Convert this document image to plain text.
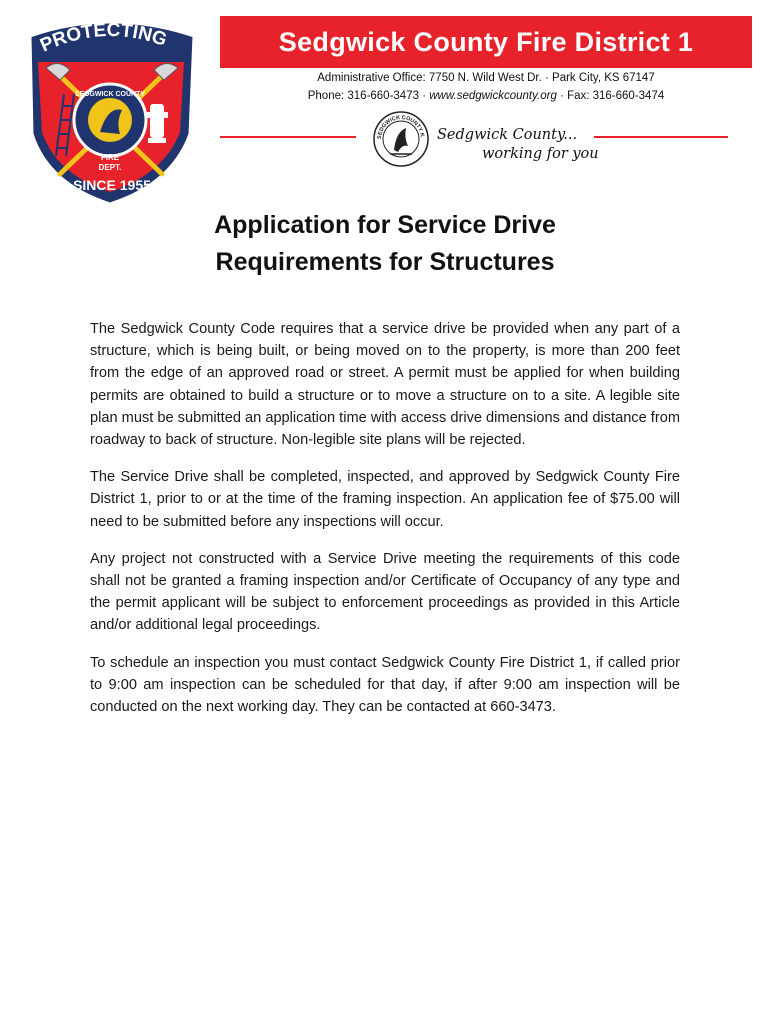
PROTECTING
SEDGWICK COUNTY
FIRE
DEPT.
SINCE 1955
Sedgwick County Fire District 1
Administrative Office: 7750 N. Wild West Dr. · Park City, KS 67147
Phone: 316-660-3473 · www.sedgwickcounty.org · Fax: 316-660-3474
SEDGWICK COUNTY K Sedgwick County...
working for you
Application for Service Drive
Requirements for Structures

The Sedgwick County Code requires that a service drive be provided when any part of a structure, which is being built, or being moved on to the property, is more than 200 feet from the edge of an approved road or street. A permit must be applied for when building permits are obtained to build a structure or to move a structure on to a site. A legible site plan must be submitted an application time with access drive dimensions and distance from roadway to back of structure. Non-legible site plans will be rejected.

The Service Drive shall be completed, inspected, and approved by Sedgwick County Fire District 1, prior to or at the time of the framing inspection. An application fee of $75.00 will need to be submitted before any inspections will occur.

Any project not constructed with a Service Drive meeting the requirements of this code shall not be granted a framing inspection and/or Certificate of Occupancy of any type and the permit applicant will be subject to enforcement proceedings as provided in this Article and/or additional legal proceedings.

To schedule an inspection you must contact Sedgwick County Fire District 1, if called prior to 9:00 am inspection can be scheduled for that day, if after 9:00 am inspection will be conducted on the next working day. They can be contacted at 660-3473.
